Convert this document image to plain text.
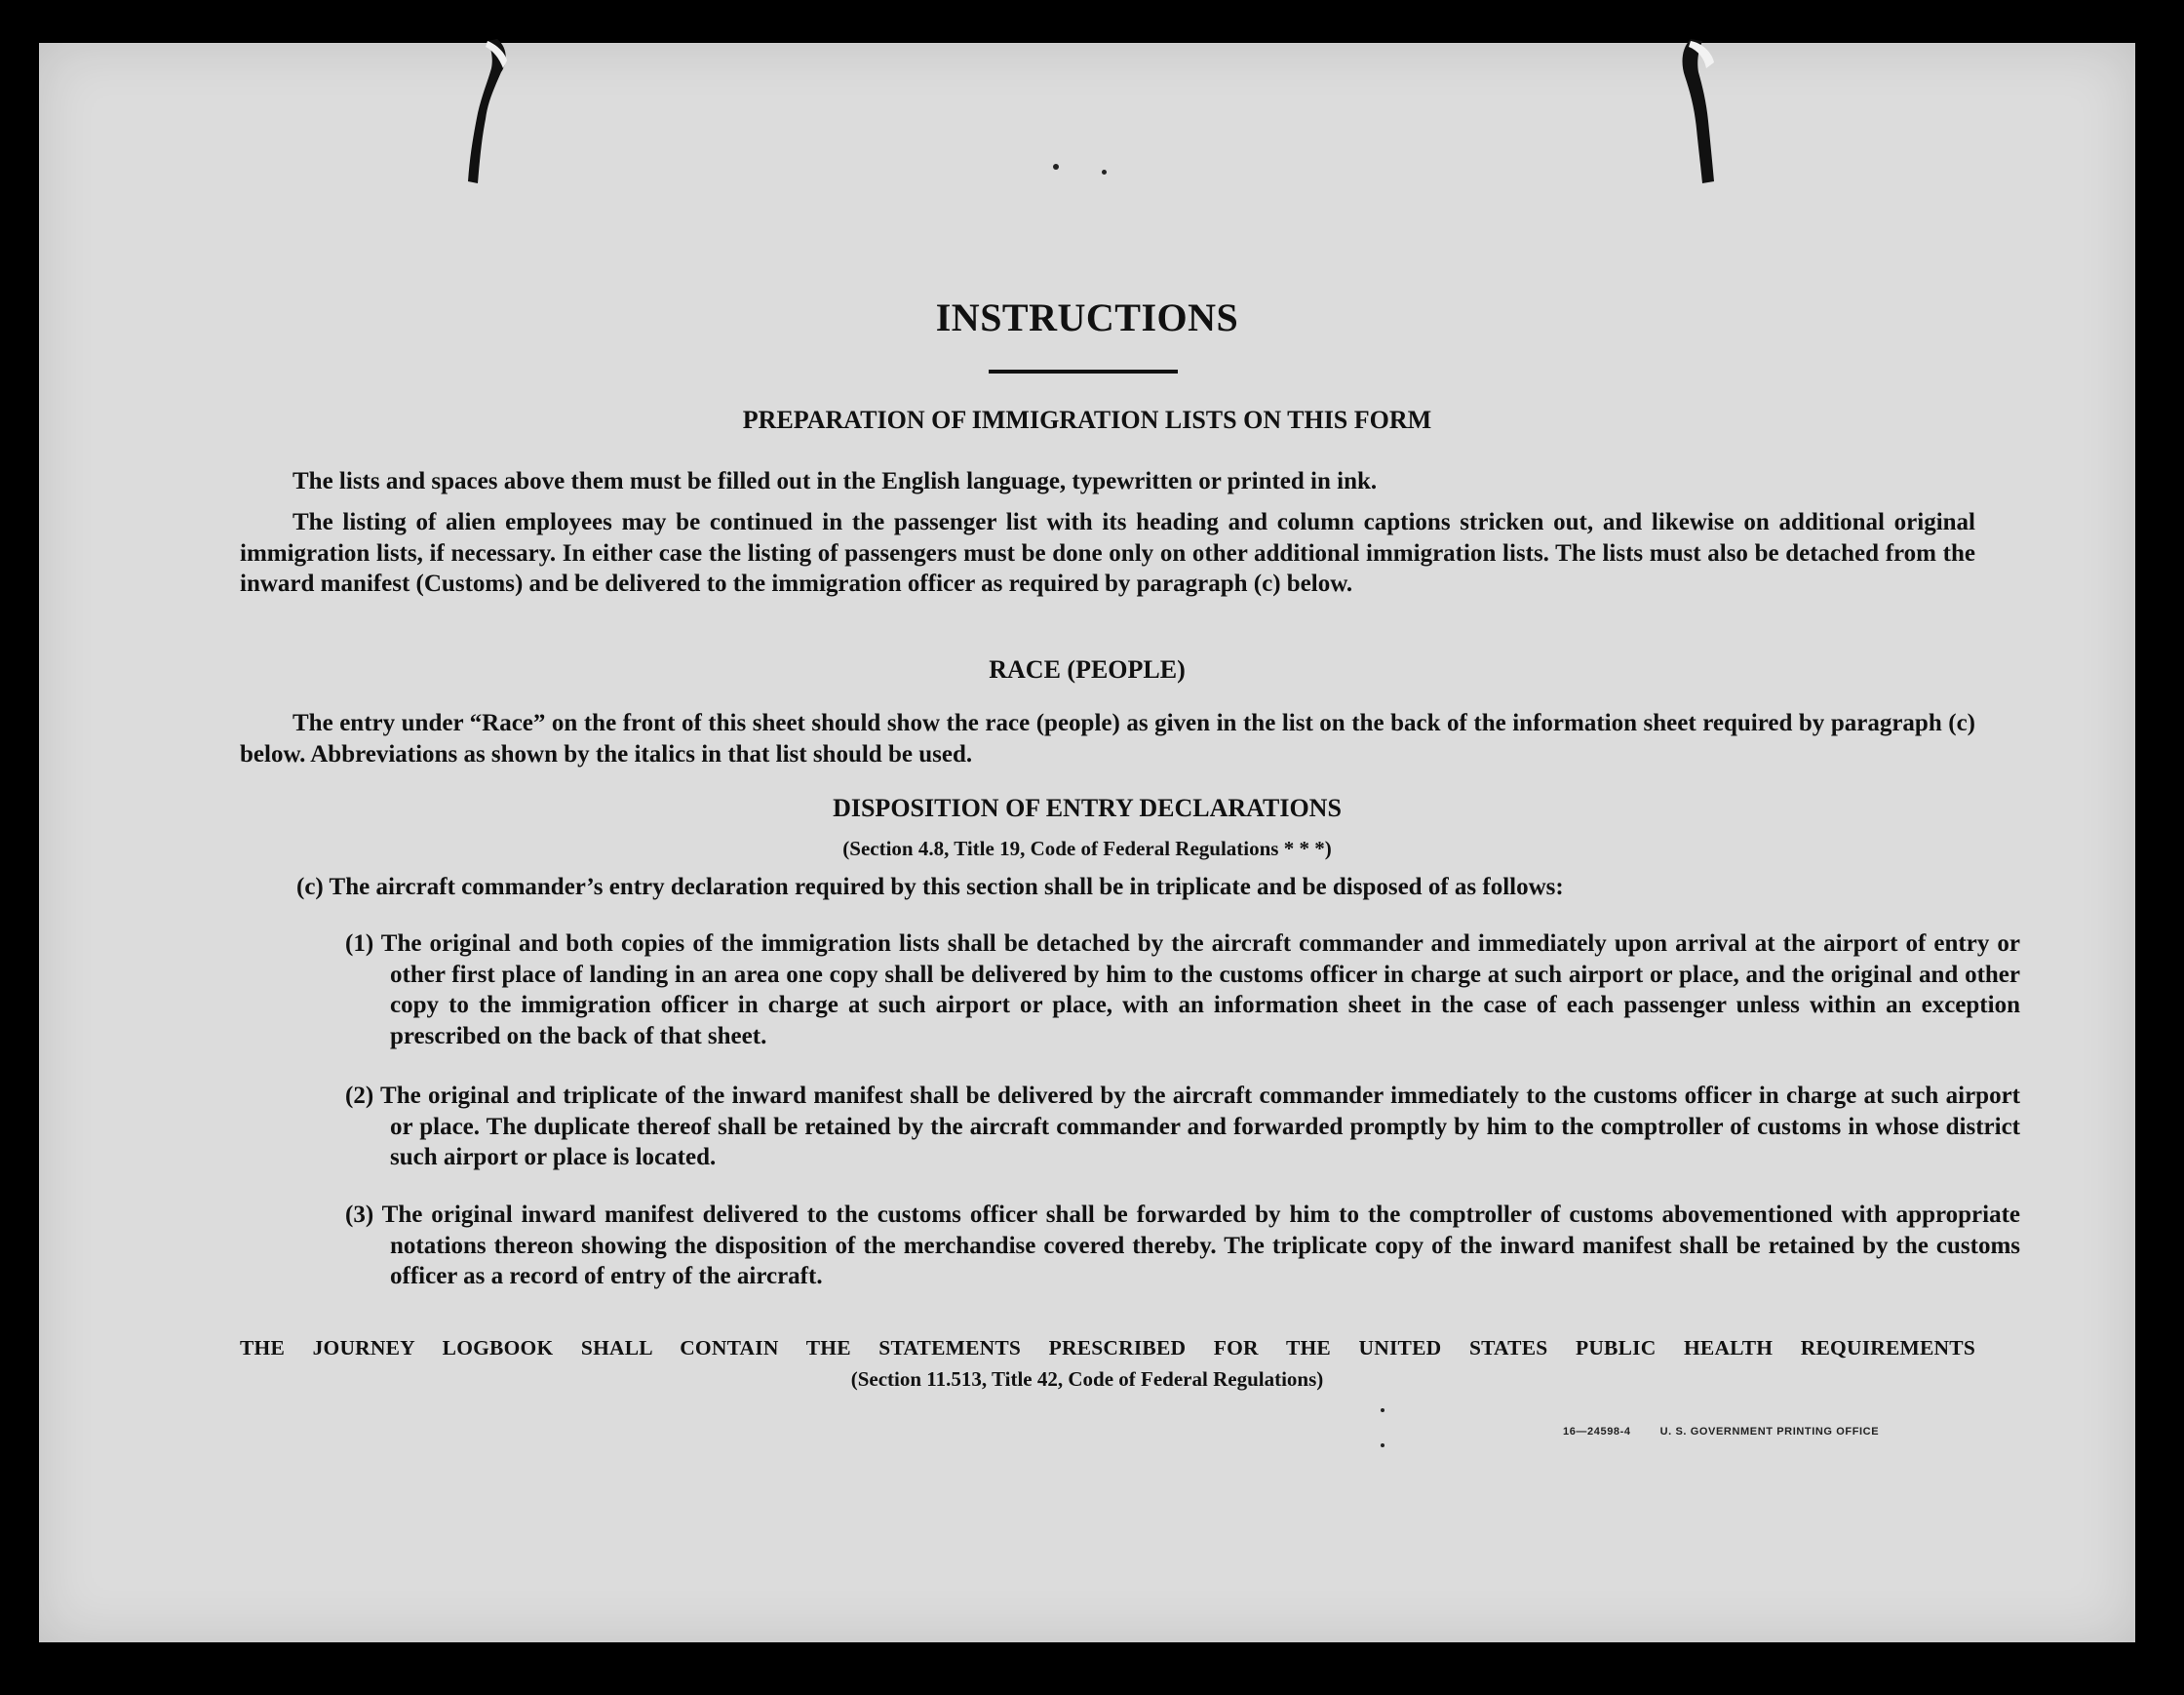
INSTRUCTIONS
PREPARATION OF IMMIGRATION LISTS ON THIS FORM

The lists and spaces above them must be filled out in the English language, typewritten or printed in ink.

The listing of alien employees may be continued in the passenger list with its heading and column captions stricken out, and likewise on additional original immigration lists, if necessary. In either case the listing of passengers must be done only on other additional immigration lists. The lists must also be detached from the inward manifest (Customs) and be delivered to the immigration officer as required by paragraph (c) below.

RACE (PEOPLE)

The entry under “Race” on the front of this sheet should show the race (people) as given in the list on the back of the information sheet required by paragraph (c) below. Abbreviations as shown by the italics in that list should be used.

DISPOSITION OF ENTRY DECLARATIONS

(Section 4.8, Title 19, Code of Federal Regulations * * *)

(c) The aircraft commander’s entry declaration required by this section shall be in triplicate and be disposed of as follows:

(1) The original and both copies of the immigration lists shall be detached by the aircraft commander and immediately upon arrival at the airport of entry or other first place of landing in an area one copy shall be delivered by him to the customs officer in charge at such airport or place, and the original and other copy to the immigration officer in charge at such airport or place, with an information sheet in the case of each passenger unless within an exception prescribed on the back of that sheet.

(2) The original and triplicate of the inward manifest shall be delivered by the aircraft commander immediately to the customs officer in charge at such airport or place. The duplicate thereof shall be retained by the aircraft commander and forwarded promptly by him to the comptroller of customs in whose district such airport or place is located.

(3) The original inward manifest delivered to the customs officer shall be forwarded by him to the comptroller of customs abovementioned with appropriate notations thereon showing the disposition of the merchandise covered thereby. The triplicate copy of the inward manifest shall be retained by the customs officer as a record of entry of the aircraft.

THE JOURNEY LOGBOOK SHALL CONTAIN THE STATEMENTS PRESCRIBED FOR THE UNITED STATES PUBLIC HEALTH REQUIREMENTS

(Section 11.513, Title 42, Code of Federal Regulations)

16—24598-4	U. S. GOVERNMENT PRINTING OFFICE
